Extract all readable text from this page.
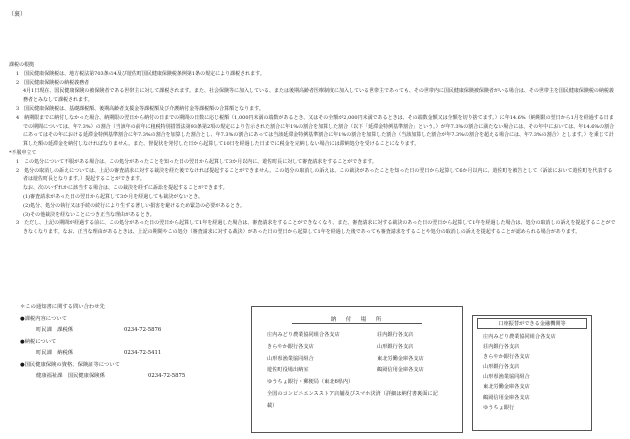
（裏）

課税の根拠

1　国民健康保険税は、地方税法第703条の4及び遊佐町国民健康保険税条例第1条の規定により課税されます。

2　国民健康保険税の納税義務者

4月1日現在、国民健康保険の被保険者である世帯主に対して課税されます。また、社会保険等に加入している、または後期高齢者医療制度に加入している世帯主であっても、その世帯内に国民健康保険被保険者がいる場合は、その世帯主を国民健康保険税の納税義務者とみなして課税されます。

3　国民健康保険税は、基礎課税額、後期高齢者支援金等課税額及び介護納付金等課税額の合算額となります。

4　納期限までに納付しなかった場合、納期限の翌日から納付の日までの期間の日数に応じ税額（1,000円未満の端数があるとき、又はその全額が2,000円未満であるときは、その端数金額又は全額を切り捨てます。）に年14.6%（納期限の翌日から1月を経過する日までの期間については、年7.3%）の割合（当該年の前年に租税特別措置法第93条第2項の規定により告示された割合に年1%の割合を加算した割合（以下「延滞金特例基準割合」という。）が年7.3%の割合に満たない場合には、その年中においては、年14.6%の割合にあってはその年における延滞金特例基準割合に年7.3%の割合を加算した割合とし、年7.3%の割合にあっては当該延滞金特例基準割合に年1%の割合を加算した割合（当該加算した割合が年7.3%の割合を超える場合には、年7.3%の割合）とします。）を乗じて計算した額の延滞金を納付しなければなりません。また、督促状を発付した日から起算して10日を経過した日までに税金を完納しない場合には滞納処分を受けることになります。

*不服申立て

1　この処分について不服がある場合は、この処分があったことを知った日の翌日から起算して3か月以内に、遊佐町長に対して審査請求をすることができます。

2　処分の取消しの訴えについては、上記の審査請求に対する裁決を経た後でなければ提起することができません。この処分の取消しの訴えは、この裁決があったことを知った日の翌日から起算して6か月以内に、遊佐町を被告として（訴訟において遊佐町を代表する者は遊佐町長となります。）提起することができます。

なお、次のいずれかに該当する場合は、この裁決を経ずに訴訟を提起することができます。

(1)審査請求があった日の翌日から起算して3か月を経過しても裁決がないとき。

(2)処分、処分の執行又は手続の続行により生ずる著しい損害を避けるため緊急の必要があるとき。

(3)その他裁決を経ないことにつき正当な理由があるとき。

3　ただし、上記の期間が経過する前に、この処分があった日の翌日から起算して1年を経過した場合は、審査請求をすることができなくなり、また、審査請求に対する裁決のあった日の翌日から起算して1年を経過した場合は、処分の取消しの訴えを提起することができなくなります。なお、正当な理由があるときは、上記の期間やこの処分（審査請求に対する裁決）があった日の翌日から起算して1年を経過した後であっても審査請求をすることや処分の取消しの訴えを提起することが認められる場合があります。

＊この通知書に関する問い合わせ先
●課税内容について
町民課　課税係	0234-72-5876
●納税について
町民課　納税係	0234-72-5411
●国民健康保険の資格、保険証等について
健康福祉課　国民健康保険係	0234-72-5875
納　付　場　所
庄内みどり農業協同組合各支店	荘内銀行各支店
きらやか銀行各支店	山形銀行各支店
山形県漁業協同組合	東北労働金庫各支店
遊佐町役場出納室	鶴岡信用金庫各支店
ゆうちょ銀行・郵便局（東北6県内）
全国のコンビニエンスストア店舗及びスマホ決済（詳細は納付書裏面に記載）
口座振替ができる金融機関等
庄内みどり農業協同組合各支店
荘内銀行各支店
きらやか銀行各支店
山形銀行各支店
山形県漁業協同組合
東北労働金庫各支店
鶴岡信用金庫各支店
ゆうちょ銀行
